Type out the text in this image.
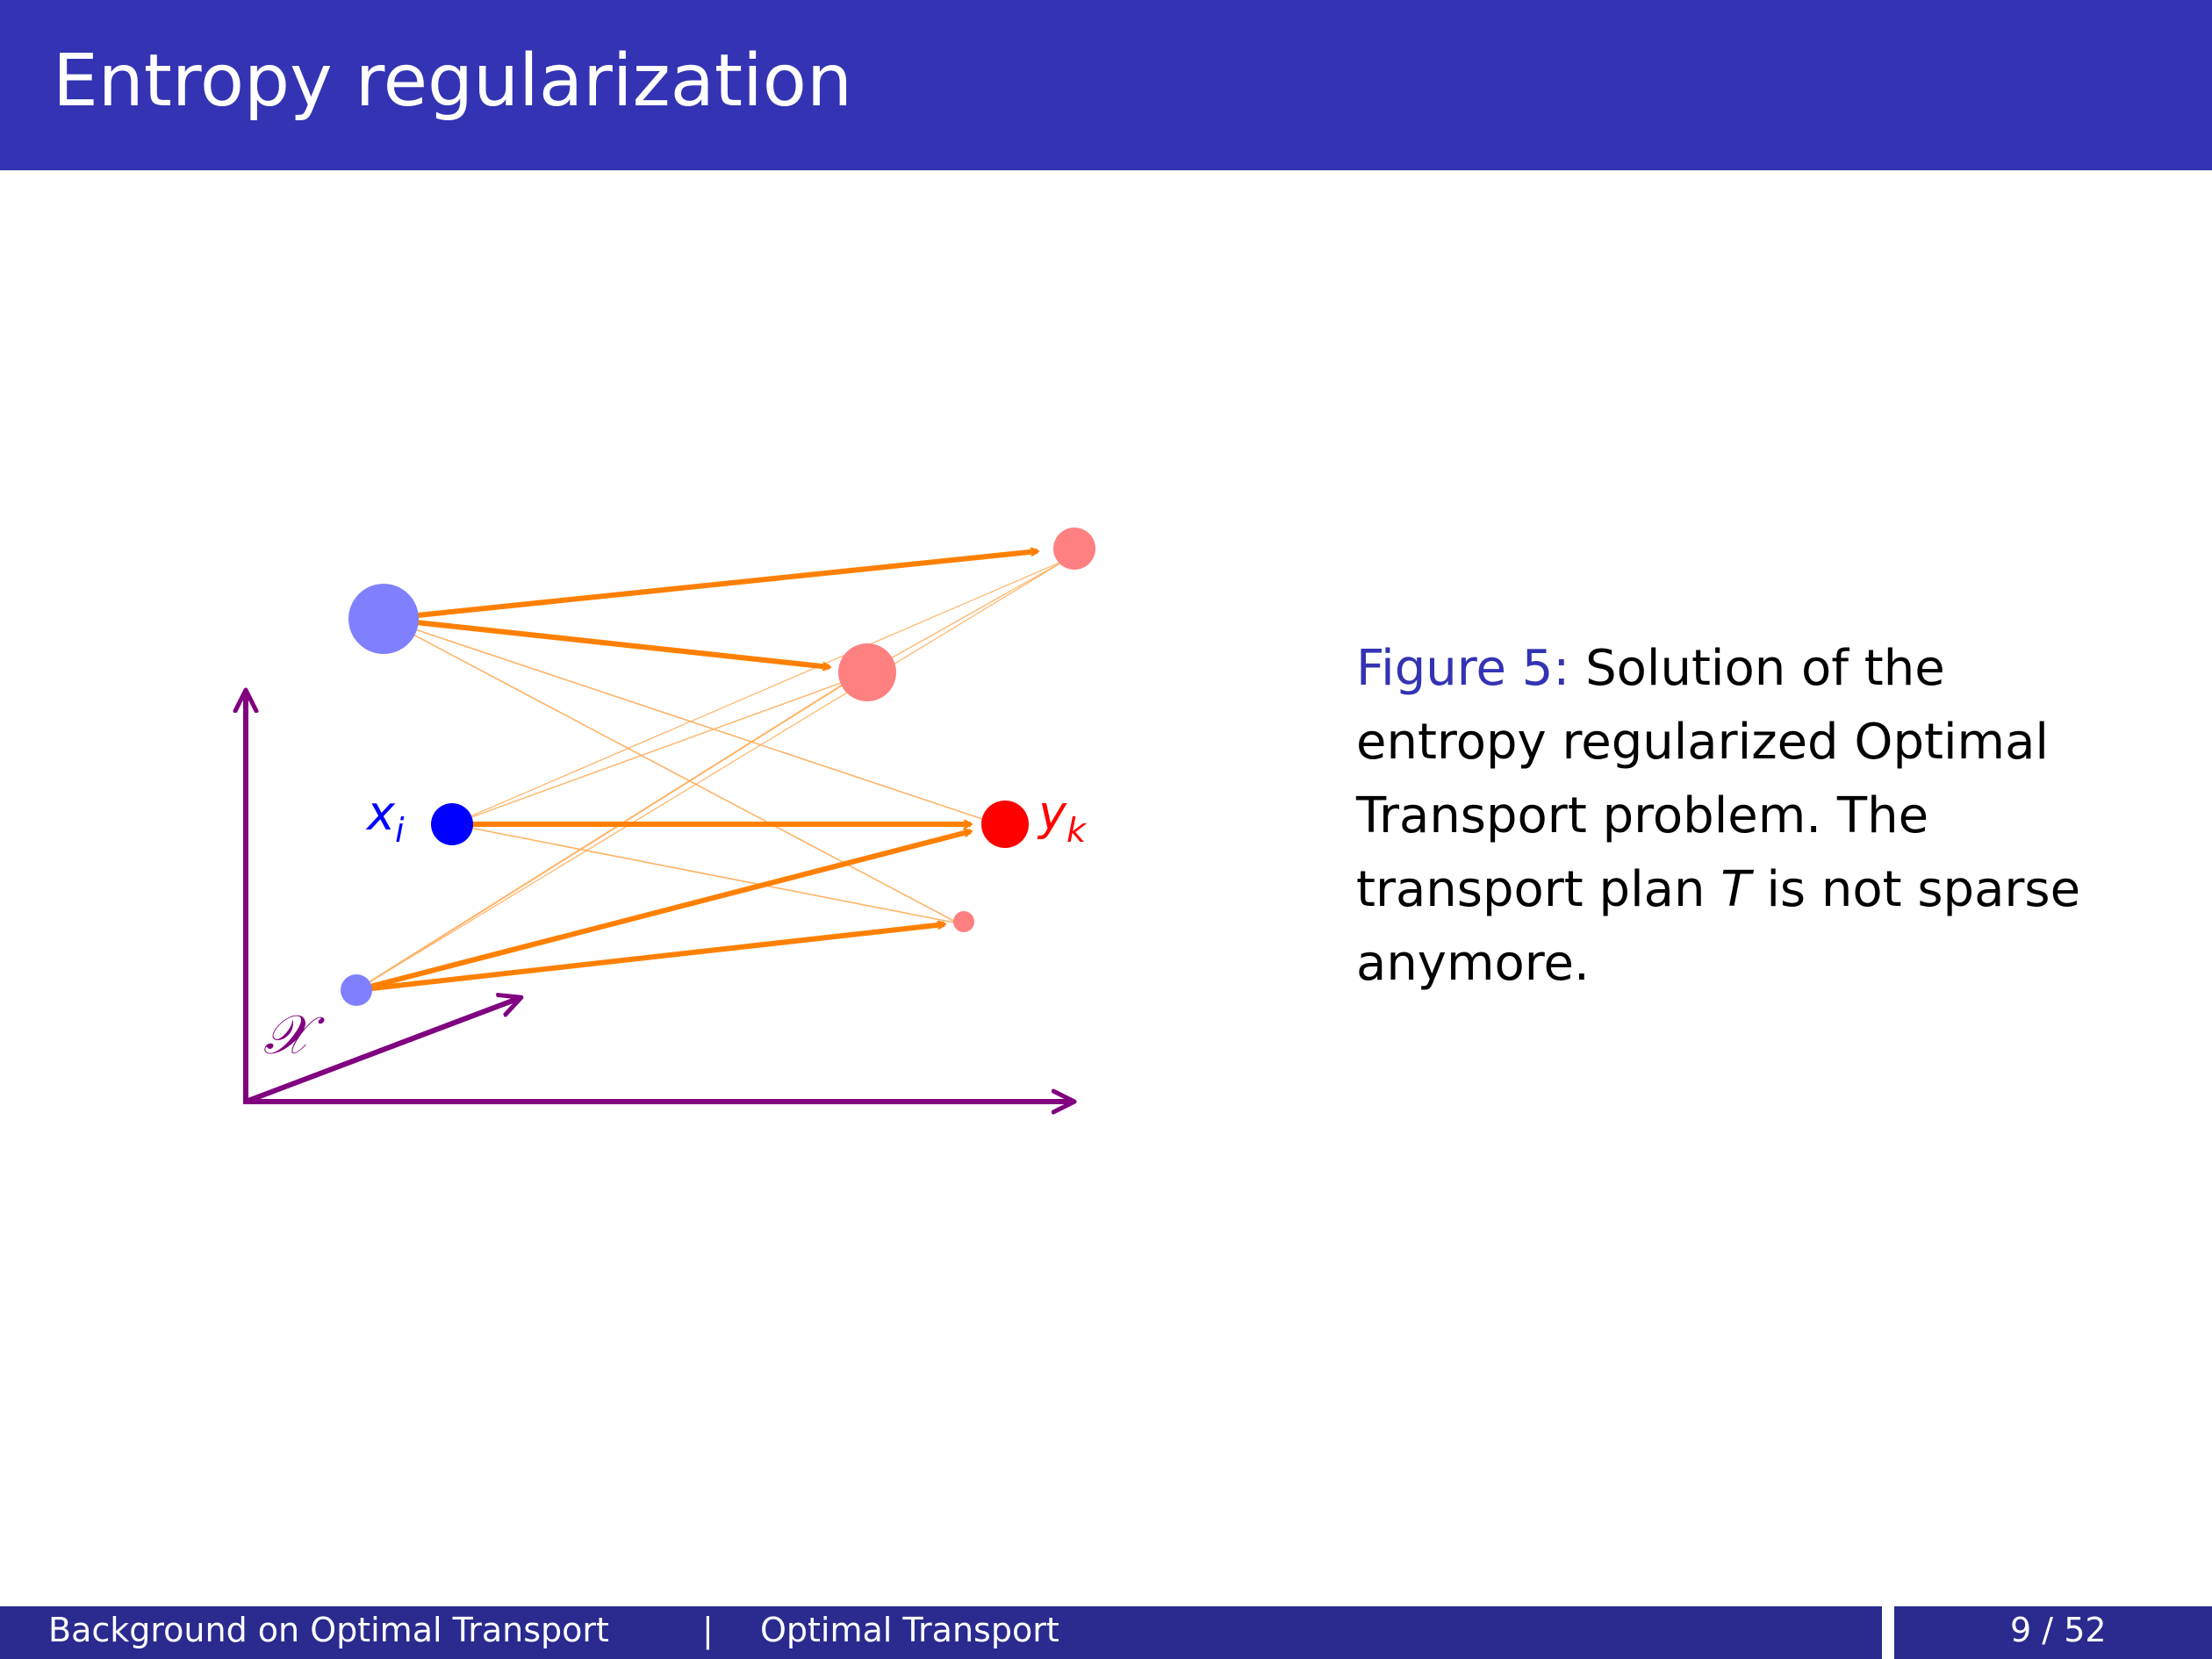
Entropy regularization
𝒳
$x_i$	$y_k$
Figure 5: Solution of the entropy regularized Optimal Transport problem. The transport plan T is not sparse anymore.
Background on Optimal Transport	| Optimal Transport	9 / 52
